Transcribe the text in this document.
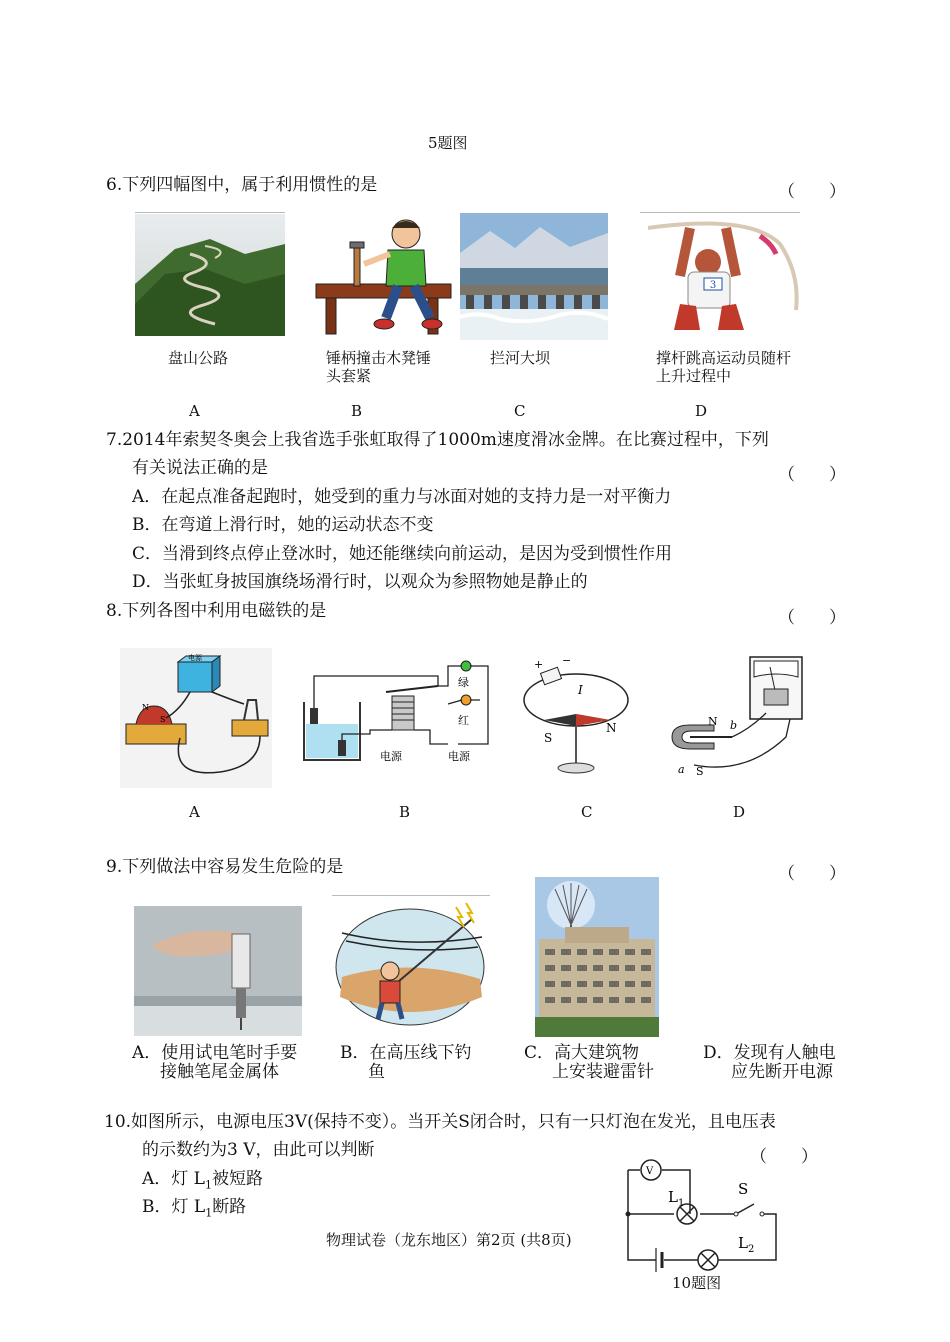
5题图
6.下列四幅图中，属于利用惯性的是	（　　）
3
盘山公路	锤柄撞击木凳锤头套紧
拦河大坝	撑杆跳高运动员随杆上升过程中
A	B	C	D
7.2014年索契冬奥会上我省选手张虹取得了1000m速度滑冰金牌。在比赛过程中，下列
有关说法正确的是	（　　）
A．在起点准备起跑时，她受到的重力与冰面对她的支持力是一对平衡力
B．在弯道上滑行时，她的运动状态不变
C．当滑到终点停止登冰时，她还能继续向前运动，是因为受到惯性作用
D．当张虹身披国旗绕场滑行时，以观众为参照物她是静止的
8.下列各图中利用电磁铁的是	（　　）
电源
N
S
绿
红
电源	电源
+ −
I
S
N	N
S
a
b
A	B	C	D
9.下列做法中容易发生危险的是	（　　）
A．使用试电笔时手要
接触笔尾金属体
B．在高压线下钓
鱼
C．高大建筑物
上安装避雷针
D．发现有人触电
应先断开电源
10.如图所示，电源电压3V(保持不变）。当开关S闭合时，只有一只灯泡在发光，且电压表
的示数约为3 V，由此可以判断	（　　）
A．灯 $L_1$被短路
B．灯 $L_1$断路
V
$L_1$
S
$L_2$
10题图
物理试卷（龙东地区）第2页 (共8页)
